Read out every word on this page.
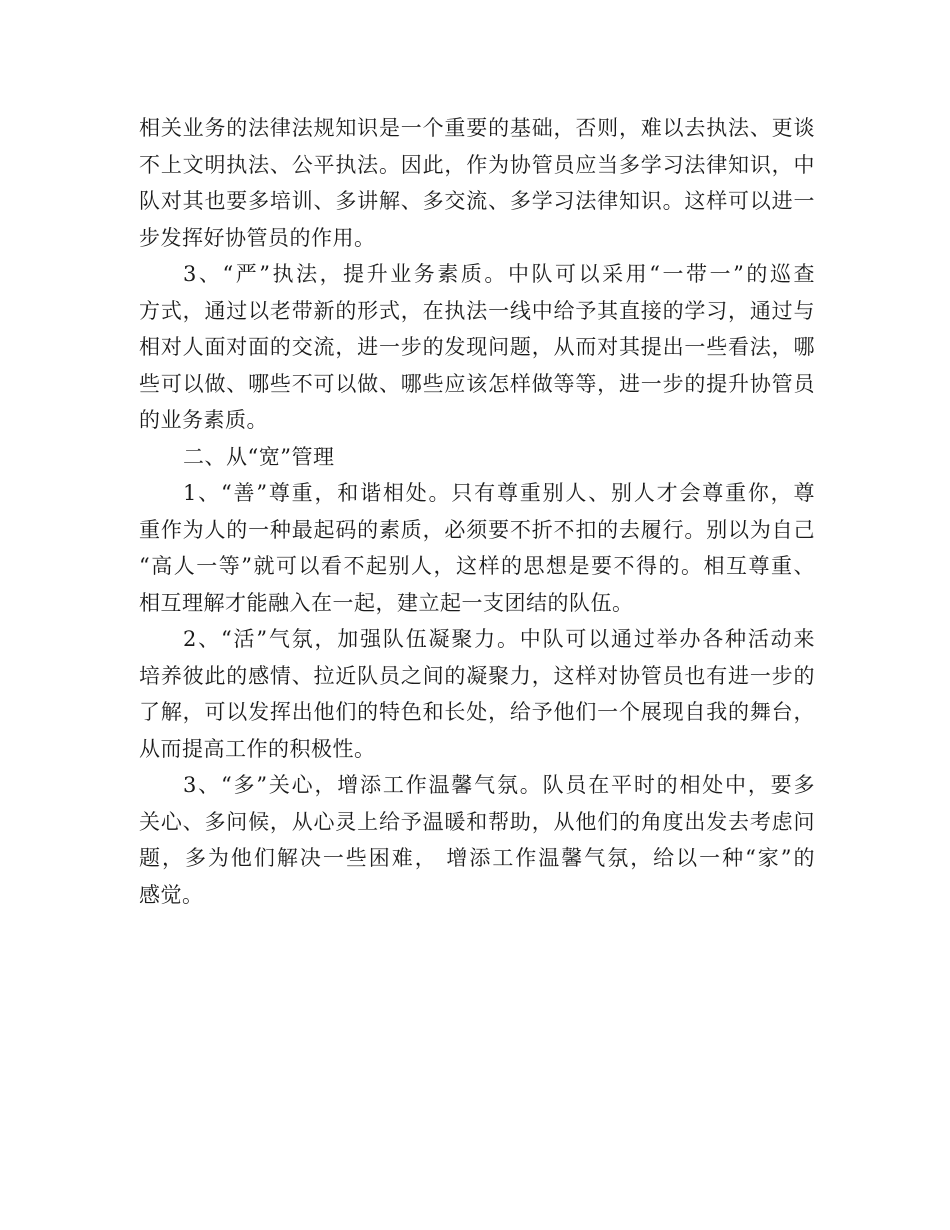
相关业务的法律法规知识是一个重要的基础，否则，难以去执法、更谈
不上文明执法、公平执法。因此，作为协管员应当多学习法律知识，中
队对其也要多培训、多讲解、多交流、多学习法律知识。这样可以进一
步发挥好协管员的作用。
3、“严”执法，提升业务素质。中队可以采用“一带一”的巡查
方式，通过以老带新的形式，在执法一线中给予其直接的学习，通过与
相对人面对面的交流，进一步的发现问题，从而对其提出一些看法，哪
些可以做、哪些不可以做、哪些应该怎样做等等，进一步的提升协管员
的业务素质。
二、从“宽”管理
1、“善”尊重，和谐相处。只有尊重别人、别人才会尊重你，尊
重作为人的一种最起码的素质，必须要不折不扣的去履行。别以为自己
“高人一等”就可以看不起别人，这样的思想是要不得的。相互尊重、
相互理解才能融入在一起，建立起一支团结的队伍。
2、“活”气氛，加强队伍凝聚力。中队可以通过举办各种活动来
培养彼此的感情、拉近队员之间的凝聚力，这样对协管员也有进一步的
了解，可以发挥出他们的特色和长处，给予他们一个展现自我的舞台，
从而提高工作的积极性。
3、“多”关心，增添工作温馨气氛。队员在平时的相处中，要多
关心、多问候，从心灵上给予温暖和帮助，从他们的角度出发去考虑问
题，多为他们解决一些困难， 增添工作温馨气氛，给以一种“家”的
感觉。
